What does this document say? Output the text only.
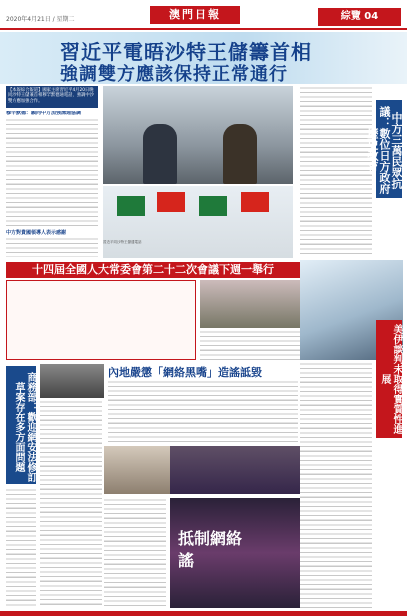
2020年4月21日 / 星期二	澳門日報	綜覽 04
習近平電晤沙特王儲籌首相
強調雙方應該保持正常通行
【本報綜合報道】國家主席習近平4月20日晚同沙特王儲兼首相穆罕默德通電話，強調中沙雙方應加強合作。
穆罕默德：願同中方加強溝通協調
中方對貴國領導人表示感謝
習近平同沙特王儲通電話
中方三萬民眾抗議：數位日方政府歷史教育
十四屆全國人大常委會第二十二次會議下週一舉行
美伊談判未取得實質性進展
商務部：歡迎網安法修訂草案存在多方面問題
內地嚴懲「網絡黑嘴」造謠詆毀
抵制網絡
謠
